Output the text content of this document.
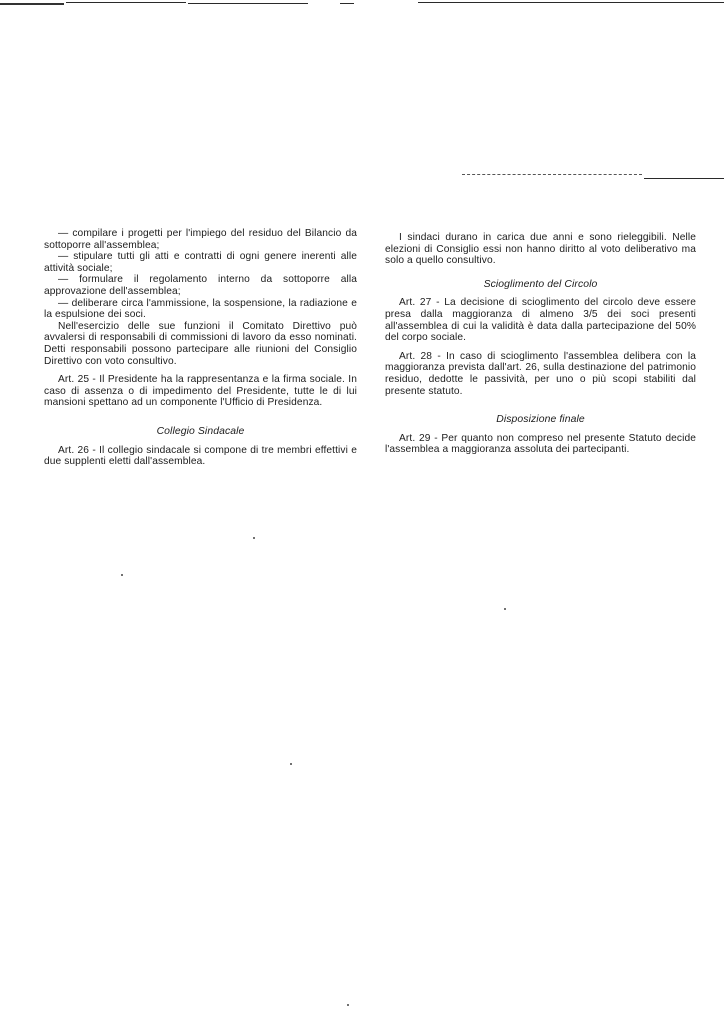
— compilare i progetti per l'impiego del residuo del Bilancio da sottoporre all'assemblea;

— stipulare tutti gli atti e contratti di ogni genere inerenti alle attività sociale;

— formulare il regolamento interno da sottoporre alla approvazione dell'assemblea;

— deliberare circa l'ammissione, la sospensione, la radiazione e la espulsione dei soci.

Nell'esercizio delle sue funzioni il Comitato Direttivo può avvalersi di responsabili di commissioni di lavoro da esso nominati. Detti responsabili possono partecipare alle riunioni del Consiglio Direttivo con voto consultivo.

Art. 25 - Il Presidente ha la rappresentanza e la firma sociale. In caso di assenza o di impedimento del Presidente, tutte le di lui mansioni spettano ad un componente l'Ufficio di Presidenza.

Collegio Sindacale

Art. 26 - Il collegio sindacale si compone di tre membri effettivi e due supplenti eletti dall'assemblea.

I sindaci durano in carica due anni e sono rieleggibili. Nelle elezioni di Consiglio essi non hanno diritto al voto deliberativo ma solo a quello consultivo.

Scioglimento del Circolo

Art. 27 - La decisione di scioglimento del circolo deve essere presa dalla maggioranza di almeno 3/5 dei soci presenti all'assemblea di cui la validità è data dalla partecipazione del 50% del corpo sociale.

Art. 28 - In caso di scioglimento l'assemblea delibera con la maggioranza prevista dall'art. 26, sulla destinazione del patrimonio residuo, dedotte le passività, per uno o più scopi stabiliti dal presente statuto.

Disposizione finale

Art. 29 - Per quanto non compreso nel presente Statuto decide l'assemblea a maggioranza assoluta dei partecipanti.
